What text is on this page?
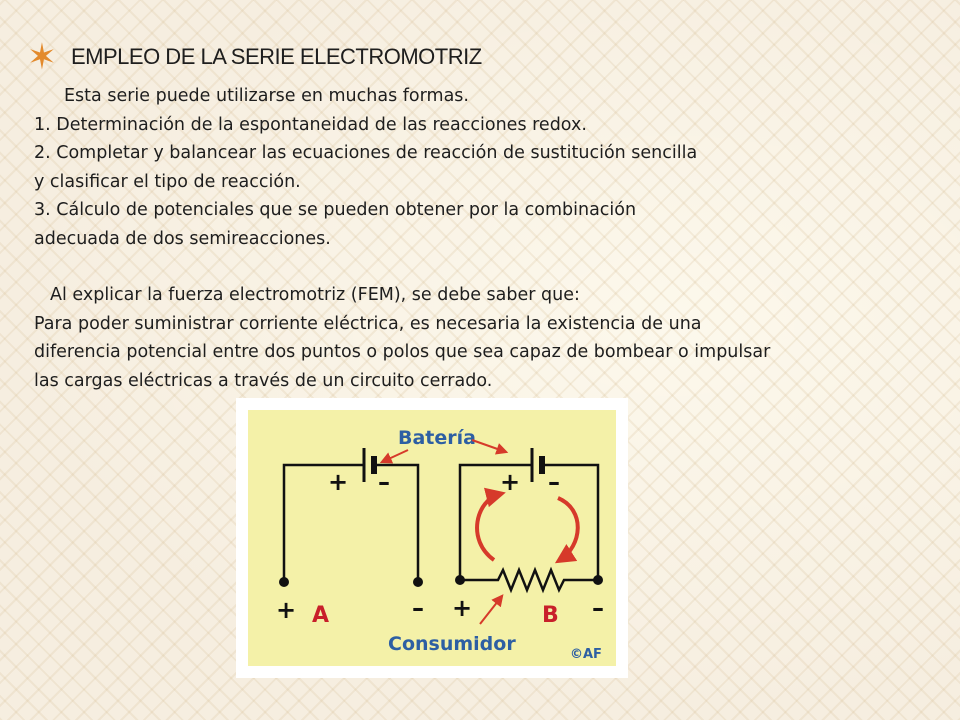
✶ EMPLEO DE LA SERIE ELECTROMOTRIZ
Esta serie puede utilizarse en muchas formas.
1. Determinación de la espontaneidad de las reacciones redox.
2. Completar y balancear las ecuaciones de reacción de sustitución sencilla
y clasificar el tipo de reacción.
3. Cálculo de potenciales que se pueden obtener por la combinación
adecuada de dos semireacciones.
Al explicar la fuerza electromotriz (FEM), se debe saber que:
Para poder suministrar corriente eléctrica, es necesaria la existencia de una
diferencia potencial entre dos puntos o polos que sea capaz de bombear o impulsar
las cargas eléctricas a través de un circuito cerrado.
+ –
+	–
A
+ –
+	–
B
Batería
Consumidor	©AF
